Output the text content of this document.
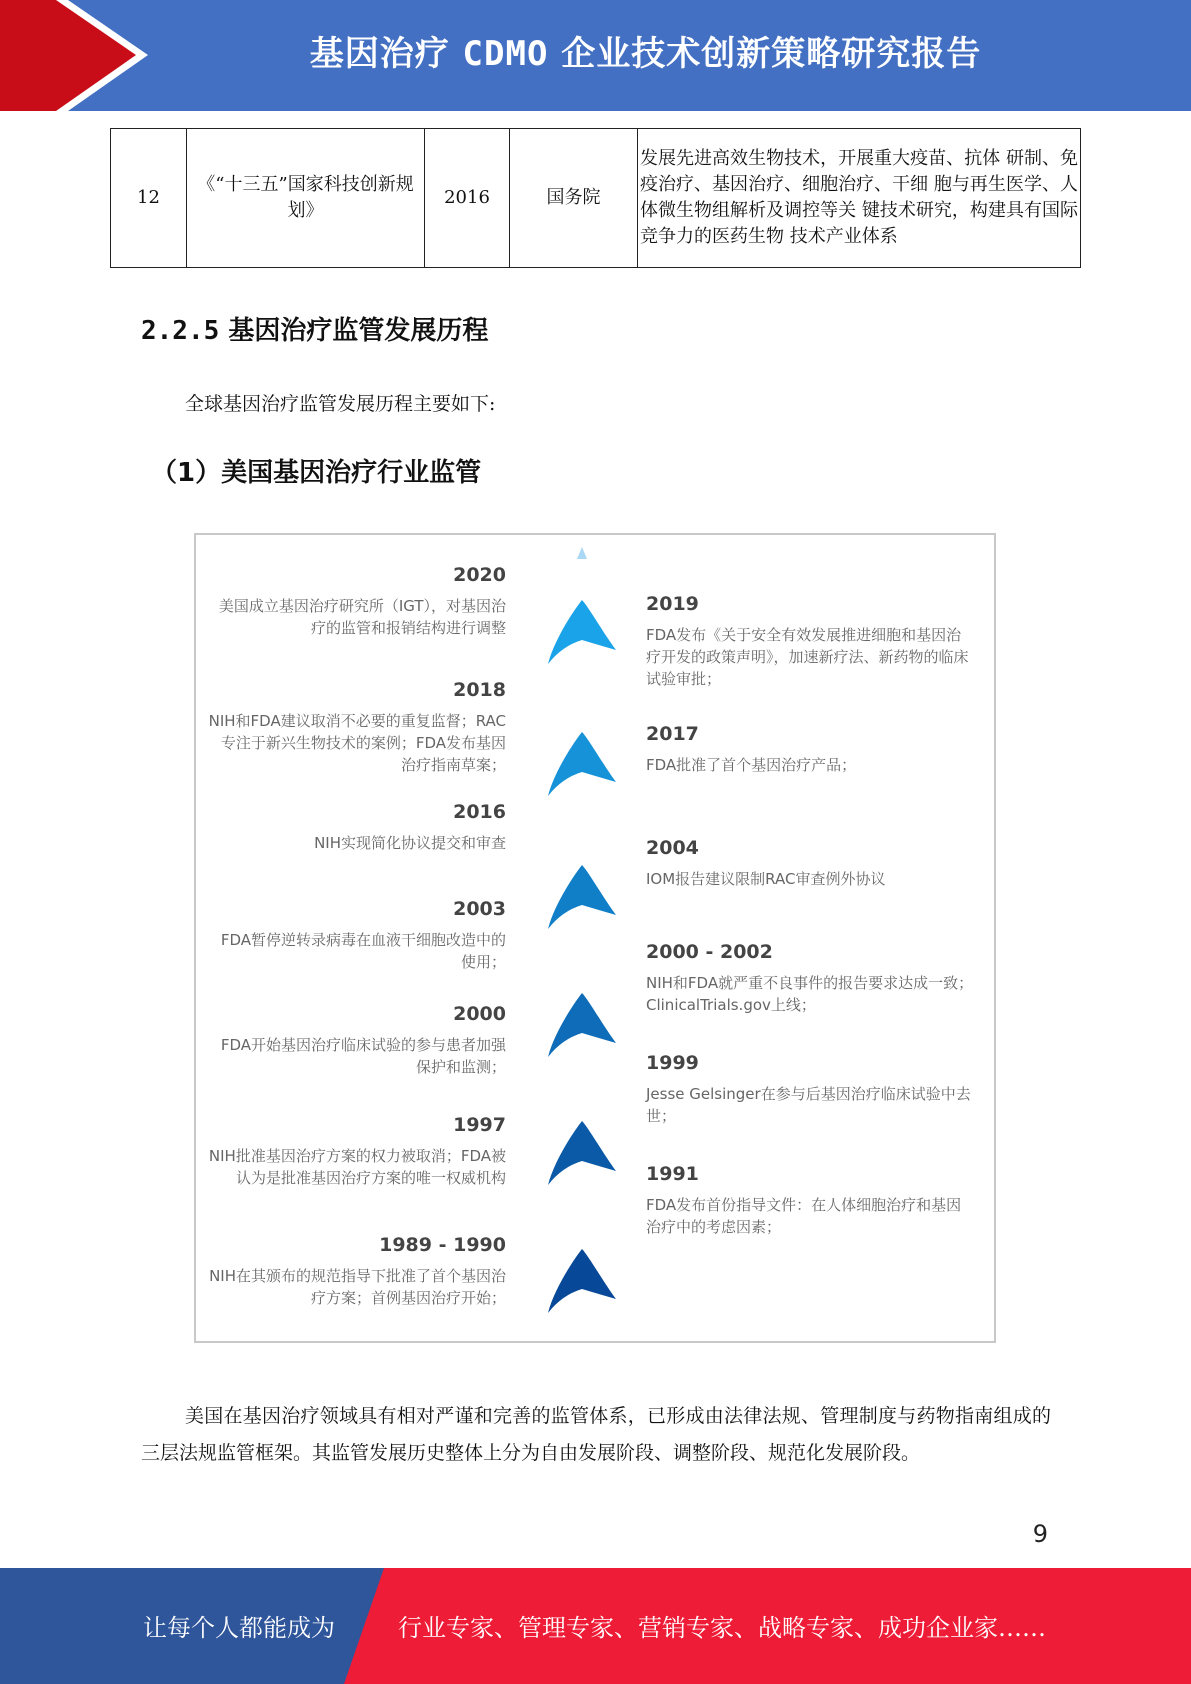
基因治疗 CDMO 企业技术创新策略研究报告
12	《“十三五”国家科技创新规划》	2016	国务院	发展先进高效生物技术，开展重大疫苗、抗体 研制、免疫治疗、基因治疗、细胞治疗、干细 胞与再生医学、人体微生物组解析及调控等关 键技术研究，构建具有国际竞争力的医药生物 技术产业体系
2.2.5 基因治疗监管发展历程
全球基因治疗监管发展历程主要如下:
（1）美国基因治疗行业监管
2020
美国成立基因治疗研究所（IGT），对基因治疗的监管和报销结构进行调整
2018
NIH和FDA建议取消不必要的重复监督；RAC专注于新兴生物技术的案例；FDA发布基因治疗指南草案；
2016
NIH实现简化协议提交和审查
2003
FDA暂停逆转录病毒在血液干细胞改造中的使用；
2000
FDA开始基因治疗临床试验的参与患者加强保护和监测；
1997
NIH批准基因治疗方案的权力被取消；FDA被认为是批准基因治疗方案的唯一权威机构
1989 - 1990
NIH在其颁布的规范指导下批准了首个基因治疗方案；首例基因治疗开始；
2019
FDA发布《关于安全有效发展推进细胞和基因治疗开发的政策声明》，加速新疗法、新药物的临床试验审批；
2017
FDA批准了首个基因治疗产品；
2004
IOM报告建议限制RAC审查例外协议
2000 - 2002
NIH和FDA就严重不良事件的报告要求达成一致；ClinicalTrials.gov上线；
1999
Jesse Gelsinger在参与后基因治疗临床试验中去世；
1991
FDA发布首份指导文件：在人体细胞治疗和基因治疗中的考虑因素；
美国在基因治疗领域具有相对严谨和完善的监管体系，已形成由法律法规、管理制度与药物指南组成的三层法规监管框架。其监管发展历史整体上分为自由发展阶段、调整阶段、规范化发展阶段。
9
让每个人都能成为	行业专家、管理专家、营销专家、战略专家、成功企业家……
